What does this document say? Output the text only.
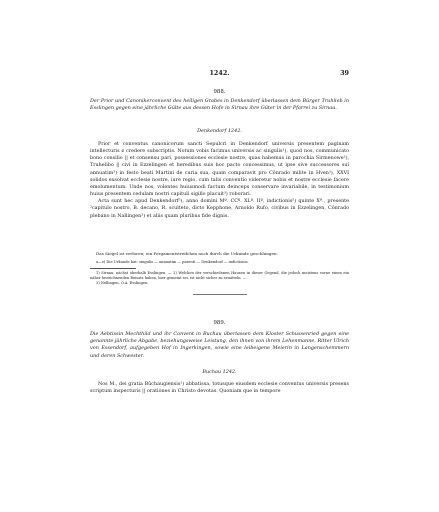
1242.	39
988.
Der Prior und Canonikerconvent des heiligen Grabes in Denkendorf überlassen dem Bürger Truhlieb in Esslingen gegen eine jährliche Gülte aus dessen Hofe in Sirnau ihre Güter in der Pfarrei zu Sirnau.
Denkendorf 1242.

Prior et conventus canonicorum sancti Sepulcri in Denkendorf universis presentem paginam intellecturis ȼ credere subscriptis. Notum vobis facimus universis ac singulis¹), quod nos, communicato bono consilio || et consensu pari, possessiones ecclesie nostre, quas habemus in parochia Sirmenowe²), Truhelibo || civi in Ezzelingen et heredibus suis hoc pacto concessimus, ut ipse sive successores sui annuatim³) in festo beati Martini de curia sua, quam comparavit pro Cǒnrado milite in Hven³), XXVI solidos exsolvat ecclesie nostre, iure regio, cum talis conventio videretur nobis et nostre ecclesie facere emolumentum. Unde nos, volentes huiusmodi factum deinceps conservare invariabile, in testimonium huius presentem cedulam nostri capituli sigillo placuit³) roborari.

Acta sunt hec apud Denkendorf⁵), anno domini Mº. CCº. XLº. IIº, indictionis⁵) quinte Xª., presente ²capitulo nostro, B. decano, R. scultetο, dicto Kepphone, Arnoldo Rufo, civibus in Ezzelingen, Cǒnrado plebano in Nallingen³) et aliis quam pluribus fide dignis.

Das Siegel ist verloren; ein Pergamentstreifchen noch durch die Urkunde geschlungen.
a—e) Die Urkunde hat: singulis — annuatim — parenti — Denkendorf — indictionis.
1) Sirnau, nächst oberhalb Esslingen. — 2) Welchen der verschiedenen Hausen in dieser Gegend, die jedoch meistens vorne einen ein näher bezeichnenden Beisatz haben, hier gemeint sei, ist nicht sicher zu ermitteln. —
3) Nellingen, O.A. Esslingen.
989.
Die Aebtissin Mechthild und ihr Convent in Buchau überlassen dem Kloster Schussenried gegen eine genannte jährliche Abgabe, beziehungsweise Leistung, den ihnen von ihrem Lehenmanne, Ritter Ulrich von Essendorf, aufgegeben Hof in Ingerkingen, sowie eine leibeigene Meierin in Langenschemmern und deren Schwester.
Buchau 1242.

Nos M., dei gratia Bůchaugiensis¹) abbatissa, totusque eiusdem ecclesie conventus universis presens scriptum inspecturis || orationes in Christo devotas. Quoniam que in tempore
